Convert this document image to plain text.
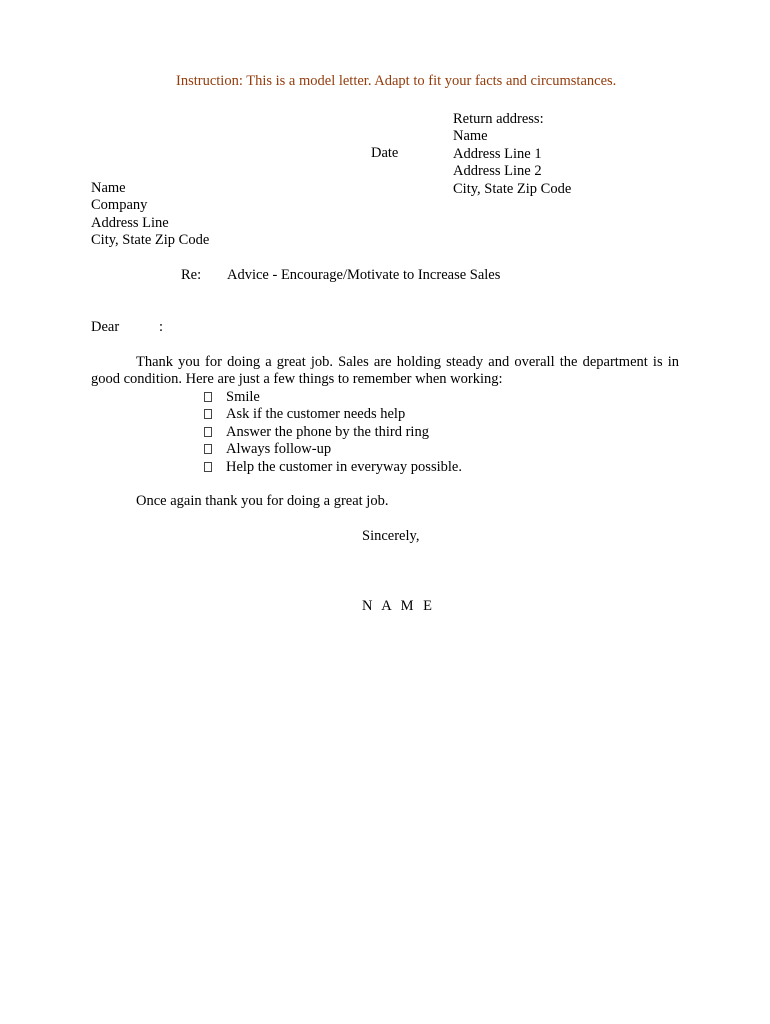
Instruction: This is a model letter. Adapt to fit your facts and circumstances.
Return address:
Name
Address Line 1
Address Line 2
City, State Zip Code
Date
Name
Company
Address Line
City, State Zip Code
Re: Advice - Encourage/Motivate to Increase Sales
Dear	:
Thank you for doing a great job. Sales are holding steady and overall the department is in good condition. Here are just a few things to remember when working:
Smile
Ask if the customer needs help
Answer the phone by the third ring
Always follow-up
Help the customer in everyway possible.
Once again thank you for doing a great job.
Sincerely,
N A M E
